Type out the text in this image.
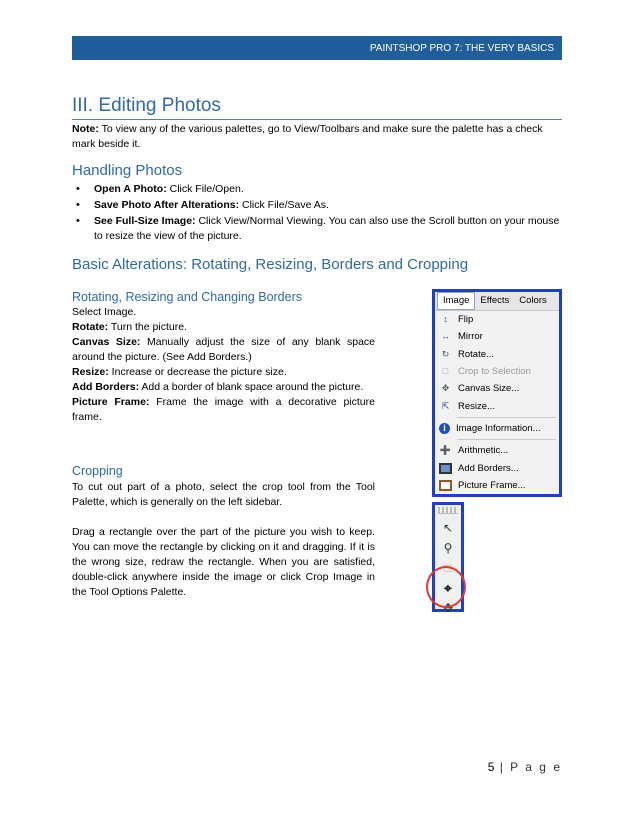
PAINTSHOP PRO 7: THE VERY BASICS
III. Editing Photos
Note: To view any of the various palettes, go to View/Toolbars and make sure the palette has a check mark beside it.
Handling Photos
• Open A Photo: Click File/Open.
• Save Photo After Alterations: Click File/Save As.
• See Full-Size Image: Click View/Normal Viewing. You can also use the Scroll button on your mouse to resize the view of the picture.
Basic Alterations: Rotating, Resizing, Borders and Cropping
Rotating, Resizing and Changing Borders

Select Image.

Rotate: Turn the picture.

Canvas Size: Manually adjust the size of any blank space around the picture. (See Add Borders.)

Resize: Increase or decrease the picture size.

Add Borders: Add a border of blank space around the picture.

Picture Frame: Frame the image with a decorative picture frame.

Cropping
To cut out part of a photo, select the crop tool from the Tool Palette, which is generally on the left sidebar.
Drag a rectangle over the part of the picture you wish to keep. You can move the rectangle by clicking on it and dragging. If it is the wrong size, redraw the rectangle. When you are satisfied, double-click anywhere inside the image or click Crop Image in the Tool Options Palette.
Image	Effects	Colors
↕	Flip
↔ Mirror
↻ Rotate...
□	Crop to Selection
✥ Canvas Size...
⇱ Resize...
i	Image Information...
➕ Arithmetic...
Add Borders...
Picture Frame...
↖
⚲
□
⌖
✥
5 | P a g e
